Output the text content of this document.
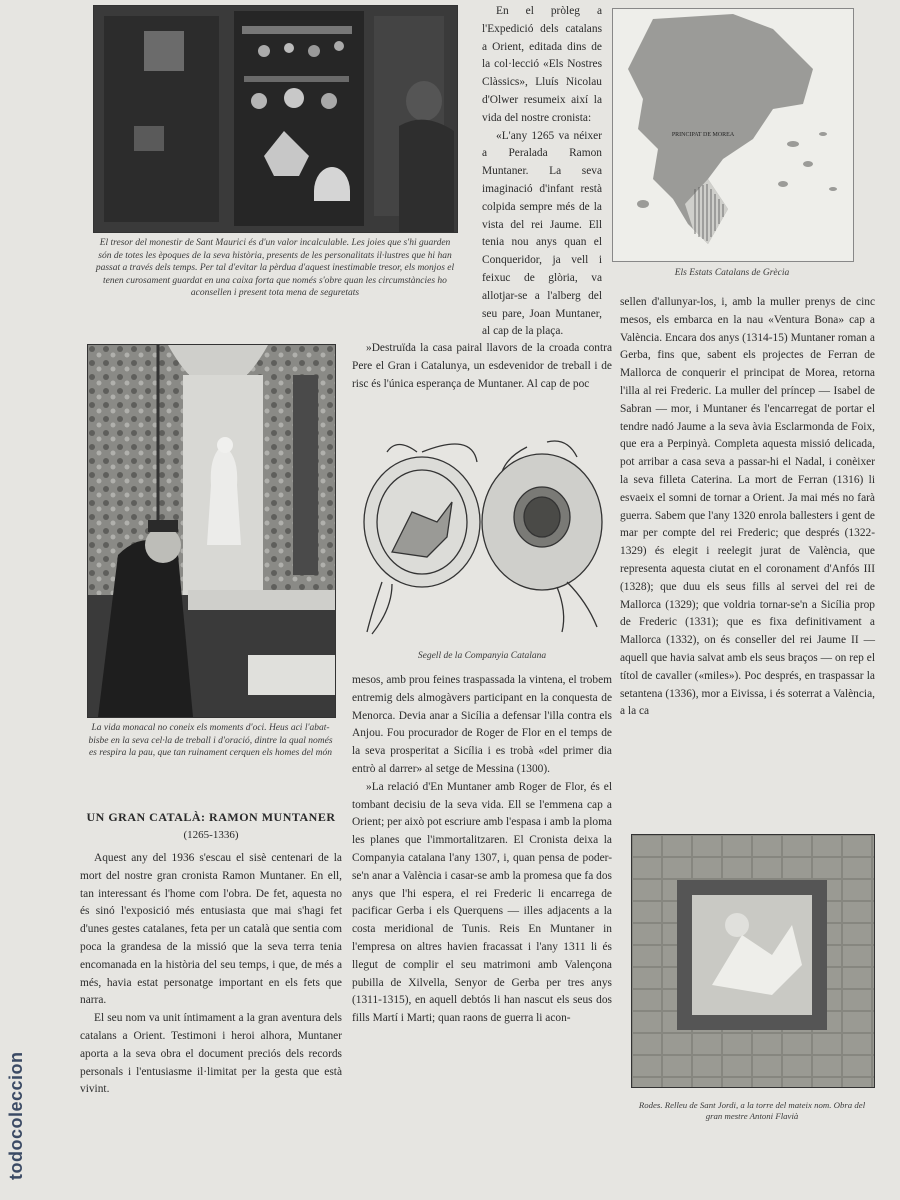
El tresor del monestir de Sant Maurici és d'un valor incalculable. Les joies que s'hi guarden són de totes les èpoques de la seva història, presents de les personalitats il·lustres que hi han passat a través dels temps. Per tal d'evitar la pèrdua d'aquest inestimable tresor, els monjos el tenen curosament guardat en una caixa forta que només s'obre quan les circumstàncies ho aconsellen i present tota mena de seguretats
PRINCIPAT DE MOREA
Els Estats Catalans de Grècia
La vida monacal no coneix els moments d'oci. Heus aci l'abat-bisbe en la seva cel·la de treball i d'oració, dintre la qual només es respira la pau, que tan ruinament cerquen els homes del món
Segell de la Companyia Catalana
Rodes. Relleu de Sant Jordi, a la torre del mateix nom. Obra del gran mestre Antoni Flavià
UN GRAN CATALÀ: RAMON MUNTANER
(1265-1336)

Aquest any del 1936 s'escau el sisè centenari de la mort del nostre gran cronista Ramon Muntaner. En ell, tan interessant és l'home com l'obra. De fet, aquesta no és sinó l'exposició més entusiasta que mai s'hagi fet d'unes gestes catalanes, feta per un català que sentia com poca la grandesa de la missió que la seva terra tenia encomanada en la història del seu temps, i que, de més a més, havia estat personatge important en els fets que narra.

El seu nom va unit íntimament a la gran aventura dels catalans a Orient. Testimoni i heroi alhora, Muntaner aporta a la seva obra el document preciós dels records personals i l'entusiasme il·limitat per la gesta que està vivint.

En el pròleg a l'Expedició dels catalans a Orient, editada dins de la col·lecció «Els Nostres Clàssics», Lluís Nicolau d'Olwer resumeix així la vida del nostre cronista:

«L'any 1265 va néixer a Peralada Ramon Muntaner. La seva imaginació d'infant restà colpida sempre més de la vista del rei Jaume. Ell tenia nou anys quan el Conqueridor, ja vell i feixuc de glòria, va allotjar-se a l'alberg del seu pare, Joan Muntaner, al cap de la plaça.

»Destruïda la casa pairal llavors de la croada contra Pere el Gran i Catalunya, un esdevenidor de treball i de risc és l'única esperança de Muntaner. Al cap de poc

mesos, amb prou feines traspassada la vintena, el trobem entremig dels almogàvers participant en la conquesta de Menorca. Devia anar a Sicília a defensar l'illa contra els Anjou. Fou procurador de Roger de Flor en el temps de la seva prosperitat a Sicília i es trobà «del primer dia entrò al darrer» al setge de Messina (1300).

»La relació d'En Muntaner amb Roger de Flor, és el tombant decisiu de la seva vida. Ell se l'emmena cap a Orient; per això pot escriure amb l'espasa i amb la ploma les planes que l'immortalitzaren. El Cronista deixa la Companyia catalana l'any 1307, i, quan pensa de poder-se'n anar a València i casar-se amb la promesa que fa dos anys que l'hi espera, el rei Frederic li encarrega de pacificar Gerba i els Querquens — illes adjacents a la costa meridional de Tunis. Reis En Muntaner in l'empresa on altres havien fracassat i l'any 1311 li és llegut de complir el seu matrimoni amb Valençona pubilla de Xilvella, Senyor de Gerba per tres anys (1311-1315), en aquell debtós li han nascut els seus dos fills Martí i Marti; quan raons de guerra li acon-

sellen d'allunyar-los, i, amb la muller prenys de cinc mesos, els embarca en la nau «Ventura Bona» cap a València. Encara dos anys (1314-15) Muntaner roman a Gerba, fins que, sabent els projectes de Ferran de Mallorca de conquerir el principat de Morea, retorna l'illa al rei Frederic. La muller del príncep — Isabel de Sabran — mor, i Muntaner és l'encarregat de portar el tendre nadó Jaume a la seva àvia Esclarmonda de Foix, que era a Perpinyà. Completa aquesta missió delicada, pot arribar a casa seva a passar-hi el Nadal, i conèixer la seva filleta Caterina. La mort de Ferran (1316) li esvaeix el somni de tornar a Orient. Ja mai més no farà guerra. Sabem que l'any 1320 enrola ballesters i gent de mar per compte del rei Frederic; que després (1322-1329) és elegit i reelegit jurat de València, que representa aquesta ciutat en el coronament d'Anfós III (1328); que duu els seus fills al servei del rei de Mallorca (1329); que voldria tornar-se'n a Sicília prop de Frederic (1331); que es fixa definitivament a Mallorca (1332), on és conseller del rei Jaume II — aquell que havia salvat amb els seus braços — on rep el títol de cavaller («miles»). Poc després, en traspassar la setantena (1336), mor a Eivissa, i és soterrat a València, a la ca

todocoleccion
